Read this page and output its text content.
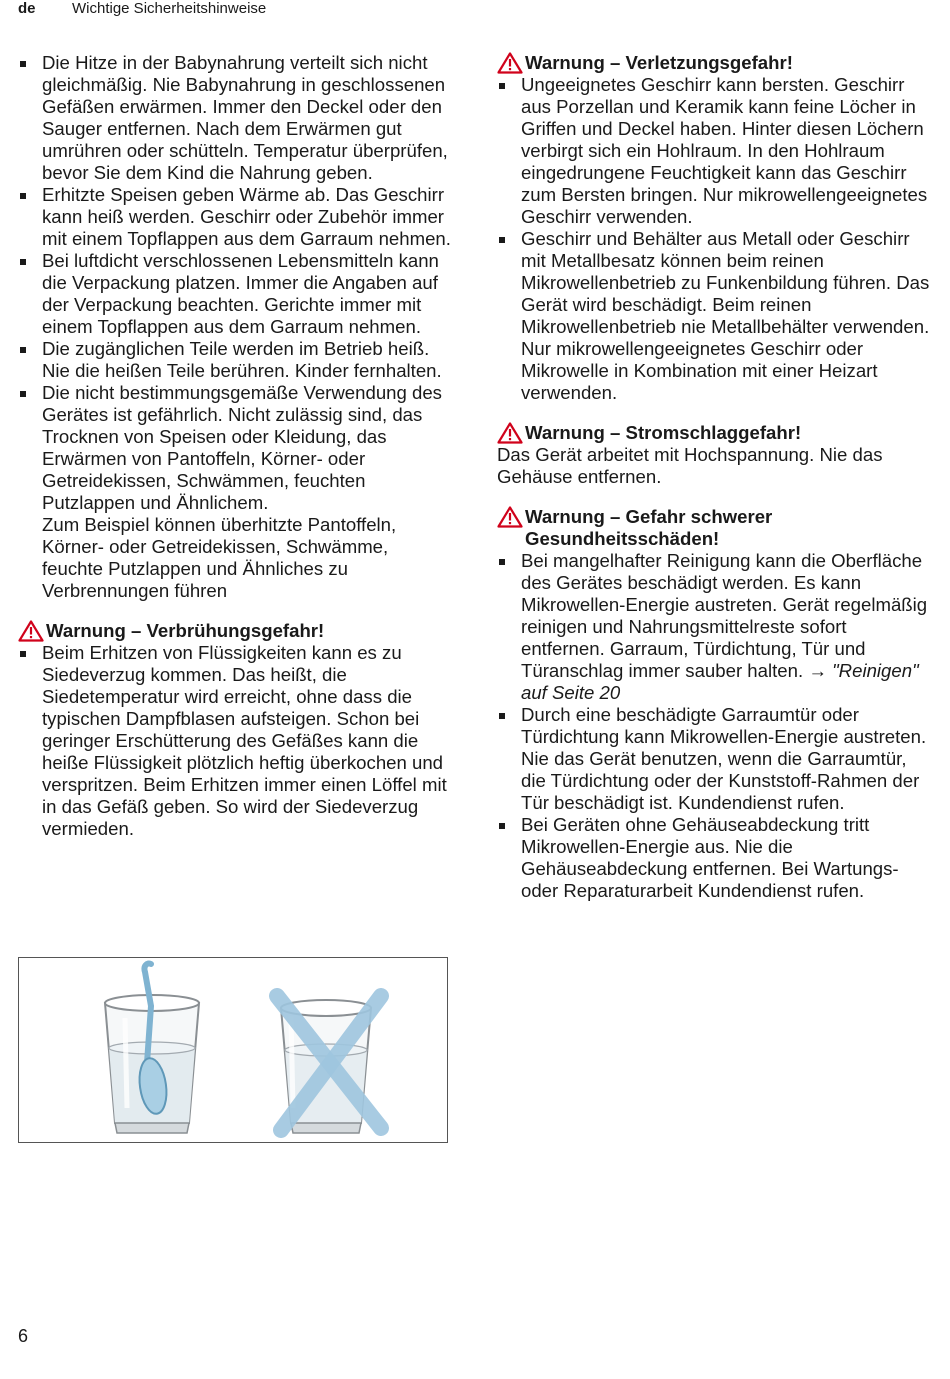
de Wichtige Sicherheitshinweise

Die Hitze in der Babynahrung verteilt sich nicht gleichmäßig. Nie Babynahrung in geschlossenen Gefäßen erwärmen. Immer den Deckel oder den Sauger entfernen. Nach dem Erwärmen gut umrühren oder schütteln. Temperatur überprüfen, bevor Sie dem Kind die Nahrung geben.

Erhitzte Speisen geben Wärme ab. Das Geschirr kann heiß werden. Geschirr oder Zubehör immer mit einem Topflappen aus dem Garraum nehmen.

Bei luftdicht verschlossenen Lebensmitteln kann die Verpackung platzen. Immer die Angaben auf der Verpackung beachten. Gerichte immer mit einem Topflappen aus dem Garraum nehmen.

Die zugänglichen Teile werden im Betrieb heiß. Nie die heißen Teile berühren. Kinder fernhalten.

Die nicht bestimmungsgemäße Verwendung des Gerätes ist gefährlich. Nicht zulässig sind, das Trocknen von Speisen oder Kleidung, das Erwärmen von Pantoffeln, Körner- oder Getreidekissen, Schwämmen, feuchten Putzlappen und Ähnlichem.

Zum Beispiel können überhitzte Pantoffeln, Körner- oder Getreidekissen, Schwämme, feuchte Putzlappen und Ähnliches zu Verbrennungen führen

Warnung – Verbrühungsgefahr!

Beim Erhitzen von Flüssigkeiten kann es zu Siedeverzug kommen. Das heißt, die Siedetemperatur wird erreicht, ohne dass die typischen Dampfblasen aufsteigen. Schon bei geringer Erschütterung des Gefäßes kann die heiße Flüssigkeit plötzlich heftig überkochen und verspritzen. Beim Erhitzen immer einen Löffel mit in das Gefäß geben. So wird der Siedeverzug vermieden.

Warnung – Verletzungsgefahr!

Ungeeignetes Geschirr kann bersten. Geschirr aus Porzellan und Keramik kann feine Löcher in Griffen und Deckel haben. Hinter diesen Löchern verbirgt sich ein Hohlraum. In den Hohlraum eingedrungene Feuchtigkeit kann das Geschirr zum Bersten bringen. Nur mikrowellengeeignetes Geschirr verwenden.

Geschirr und Behälter aus Metall oder Geschirr mit Metallbesatz können beim reinen Mikrowellenbetrieb zu Funkenbildung führen. Das Gerät wird beschädigt. Beim reinen Mikrowellenbetrieb nie Metallbehälter verwenden. Nur mikrowellengeeignetes Geschirr oder Mikrowelle in Kombination mit einer Heizart verwenden.

Warnung – Stromschlaggefahr!

Das Gerät arbeitet mit Hochspannung. Nie das Gehäuse entfernen.

Warnung – Gefahr schwerer Gesundheitsschäden!

Bei mangelhafter Reinigung kann die Oberfläche des Gerätes beschädigt werden. Es kann Mikrowellen-Energie austreten. Gerät regelmäßig reinigen und Nahrungsmittelreste sofort entfernen. Garraum, Türdichtung, Tür und Türanschlag immer sauber halten. → "Reinigen" auf Seite 20

Durch eine beschädigte Garraumtür oder Türdichtung kann Mikrowellen-Energie austreten. Nie das Gerät benutzen, wenn die Garraumtür, die Türdichtung oder der Kunststoff-Rahmen der Tür beschädigt ist. Kundendienst rufen.

Bei Geräten ohne Gehäuseabdeckung tritt Mikrowellen-Energie aus. Nie die Gehäuseabdeckung entfernen. Bei Wartungs- oder Reparaturarbeit Kundendienst rufen.

6
